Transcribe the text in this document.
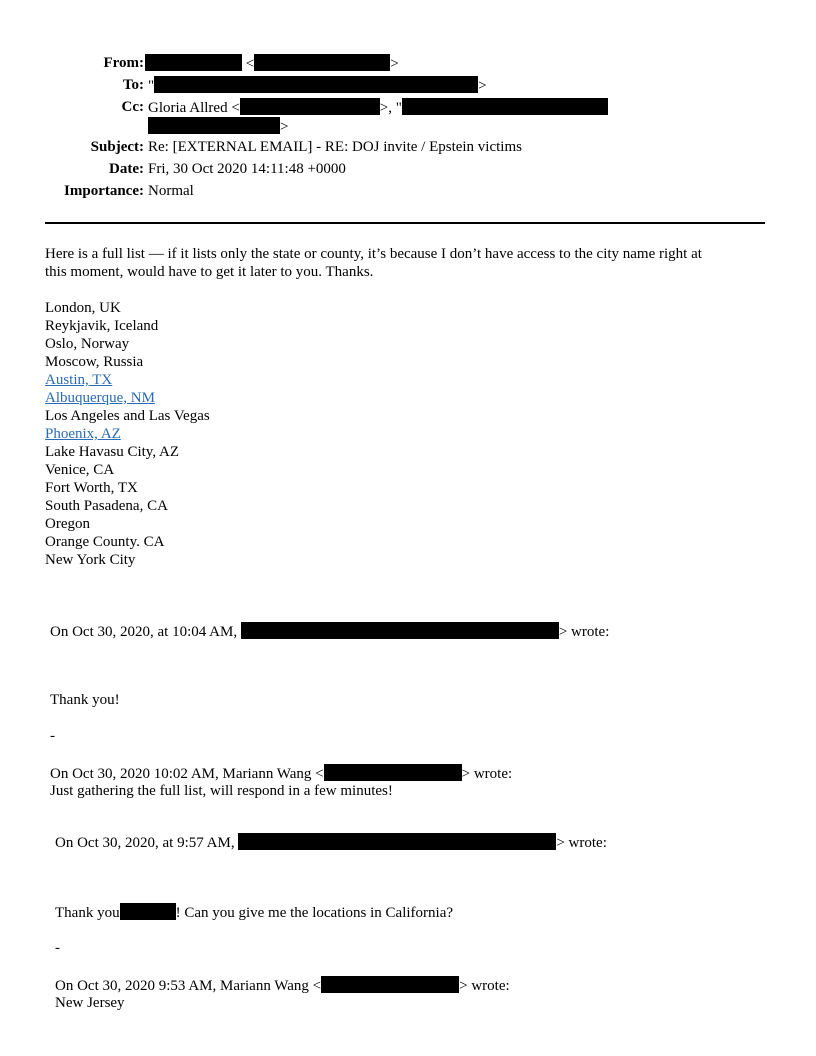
From:	<	>
To: "	>
Cc: Gloria Allred <	>, "
>
Subject: Re: [EXTERNAL EMAIL] - RE: DOJ invite / Epstein victims
Date: Fri, 30 Oct 2020 14:11:48 +0000
Importance: Normal
Here is a full list — if it lists only the state or county, it’s because I don’t have access to the city name right at
this moment, would have to get it later to you. Thanks.
London, UK
Reykjavik, Iceland
Oslo, Norway
Moscow, Russia
Austin, TX
Albuquerque, NM
Los Angeles and Las Vegas
Phoenix, AZ
Lake Havasu City, AZ
Venice, CA
Fort Worth, TX
South Pasadena, CA
Oregon
Orange County. CA
New York City
On Oct 30, 2020, at 10:04 AM,	> wrote:
Thank you!
-
On Oct 30, 2020 10:02 AM, Mariann Wang <	> wrote:
Just gathering the full list, will respond in a few minutes!
On Oct 30, 2020, at 9:57 AM,	> wrote:
Thank you	! Can you give me the locations in California?
-
On Oct 30, 2020 9:53 AM, Mariann Wang <	> wrote:
New Jersey
